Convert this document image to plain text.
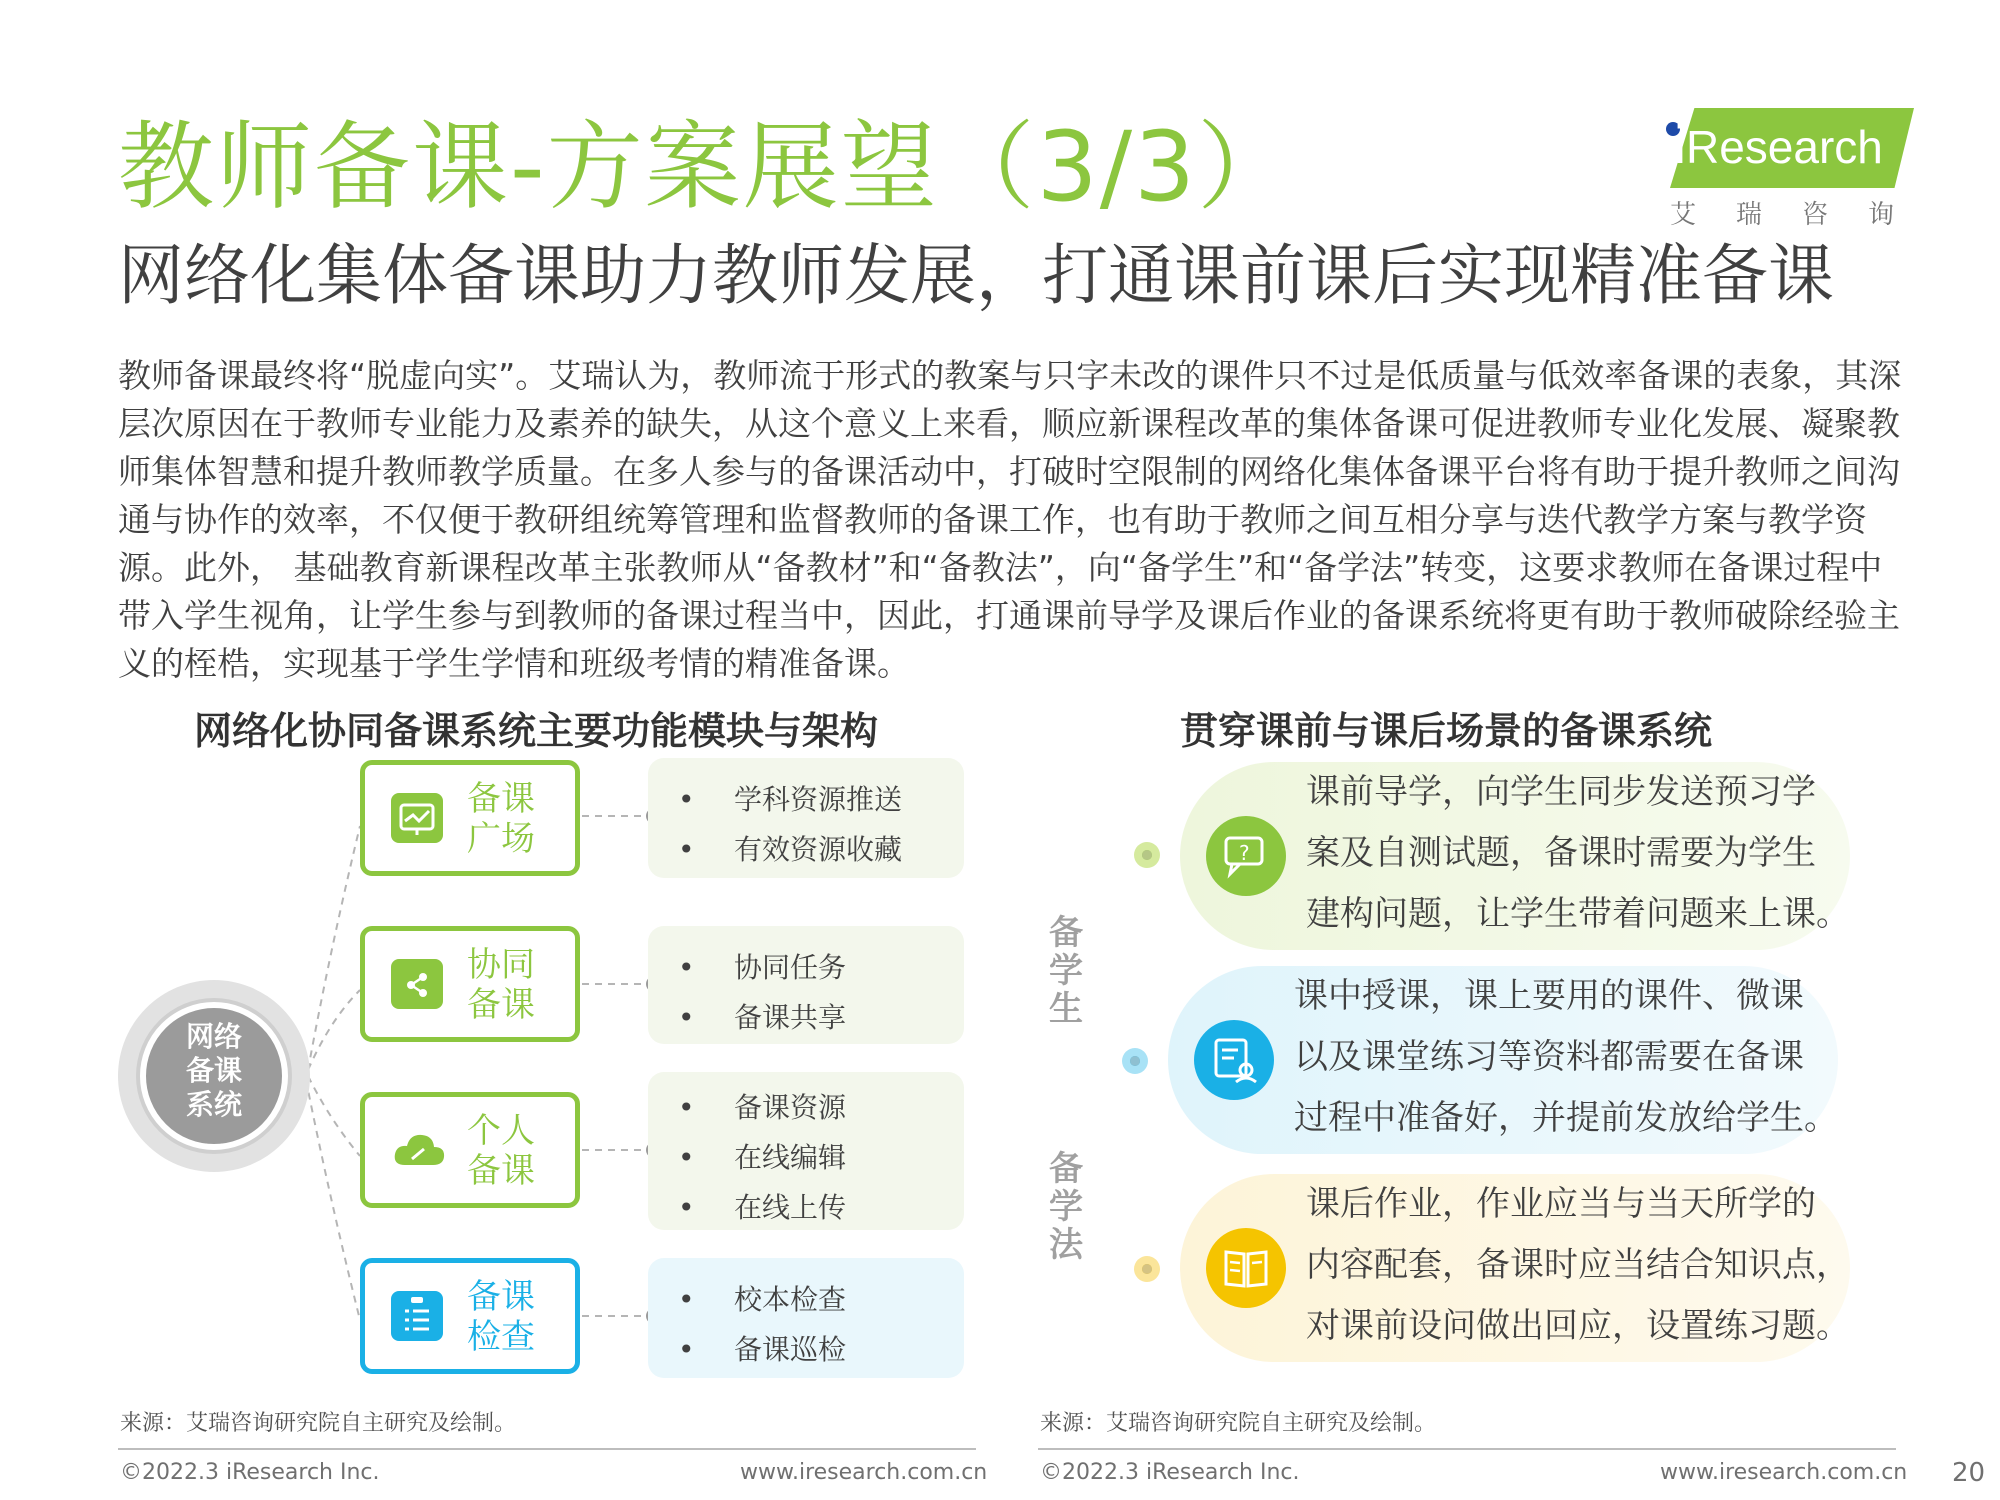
教师备课-方案展望（3/3）
网络化集体备课助力教师发展，打通课前课后实现精准备课
iResearch
艾瑞咨询
教师备课最终将“脱虚向实”。艾瑞认为，教师流于形式的教案与只字未改的课件只不过是低质量与低效率备课的表象，其深层次原因在于教师专业能力及素养的缺失，从这个意义上来看，顺应新课程改革的集体备课可促进教师专业化发展、凝聚教师集体智慧和提升教师教学质量。在多人参与的备课活动中，打破时空限制的网络化集体备课平台将有助于提升教师之间沟通与协作的效率，不仅便于教研组统筹管理和监督教师的备课工作，也有助于教师之间互相分享与迭代教学方案与教学资源。此外， 基础教育新课程改革主张教师从“备教材”和“备教法”，向“备学生”和“备学法”转变，这要求教师在备课过程中带入学生视角，让学生参与到教师的备课过程当中，因此，打通课前导学及课后作业的备课系统将更有助于教师破除经验主义的桎梏，实现基于学生学情和班级考情的精准备课。
网络化协同备课系统主要功能模块与架构
网络
备课
系统
备课
广场
• 学科资源推送
• 有效资源收藏
协同
备课
• 协同任务
• 备课共享
个人
备课
• 备课资源
• 在线编辑
• 在线上传
备课
检查
• 校本检查
• 备课巡检
贯穿课前与课后场景的备课系统
备
学
生
备
学
法
?
课前导学，向学生同步发送预习学
案及自测试题，备课时需要为学生
建构问题，让学生带着问题来上课。
课中授课，课上要用的课件、微课
以及课堂练习等资料都需要在备课
过程中准备好，并提前发放给学生。
课后作业，作业应当与当天所学的
内容配套，备课时应当结合知识点，
对课前设问做出回应，设置练习题。
来源：艾瑞咨询研究院自主研究及绘制。	来源：艾瑞咨询研究院自主研究及绘制。
©2022.3 iResearch Inc.	www.iresearch.com.cn ©2022.3 iResearch Inc.	www.iresearch.com.cn 20
